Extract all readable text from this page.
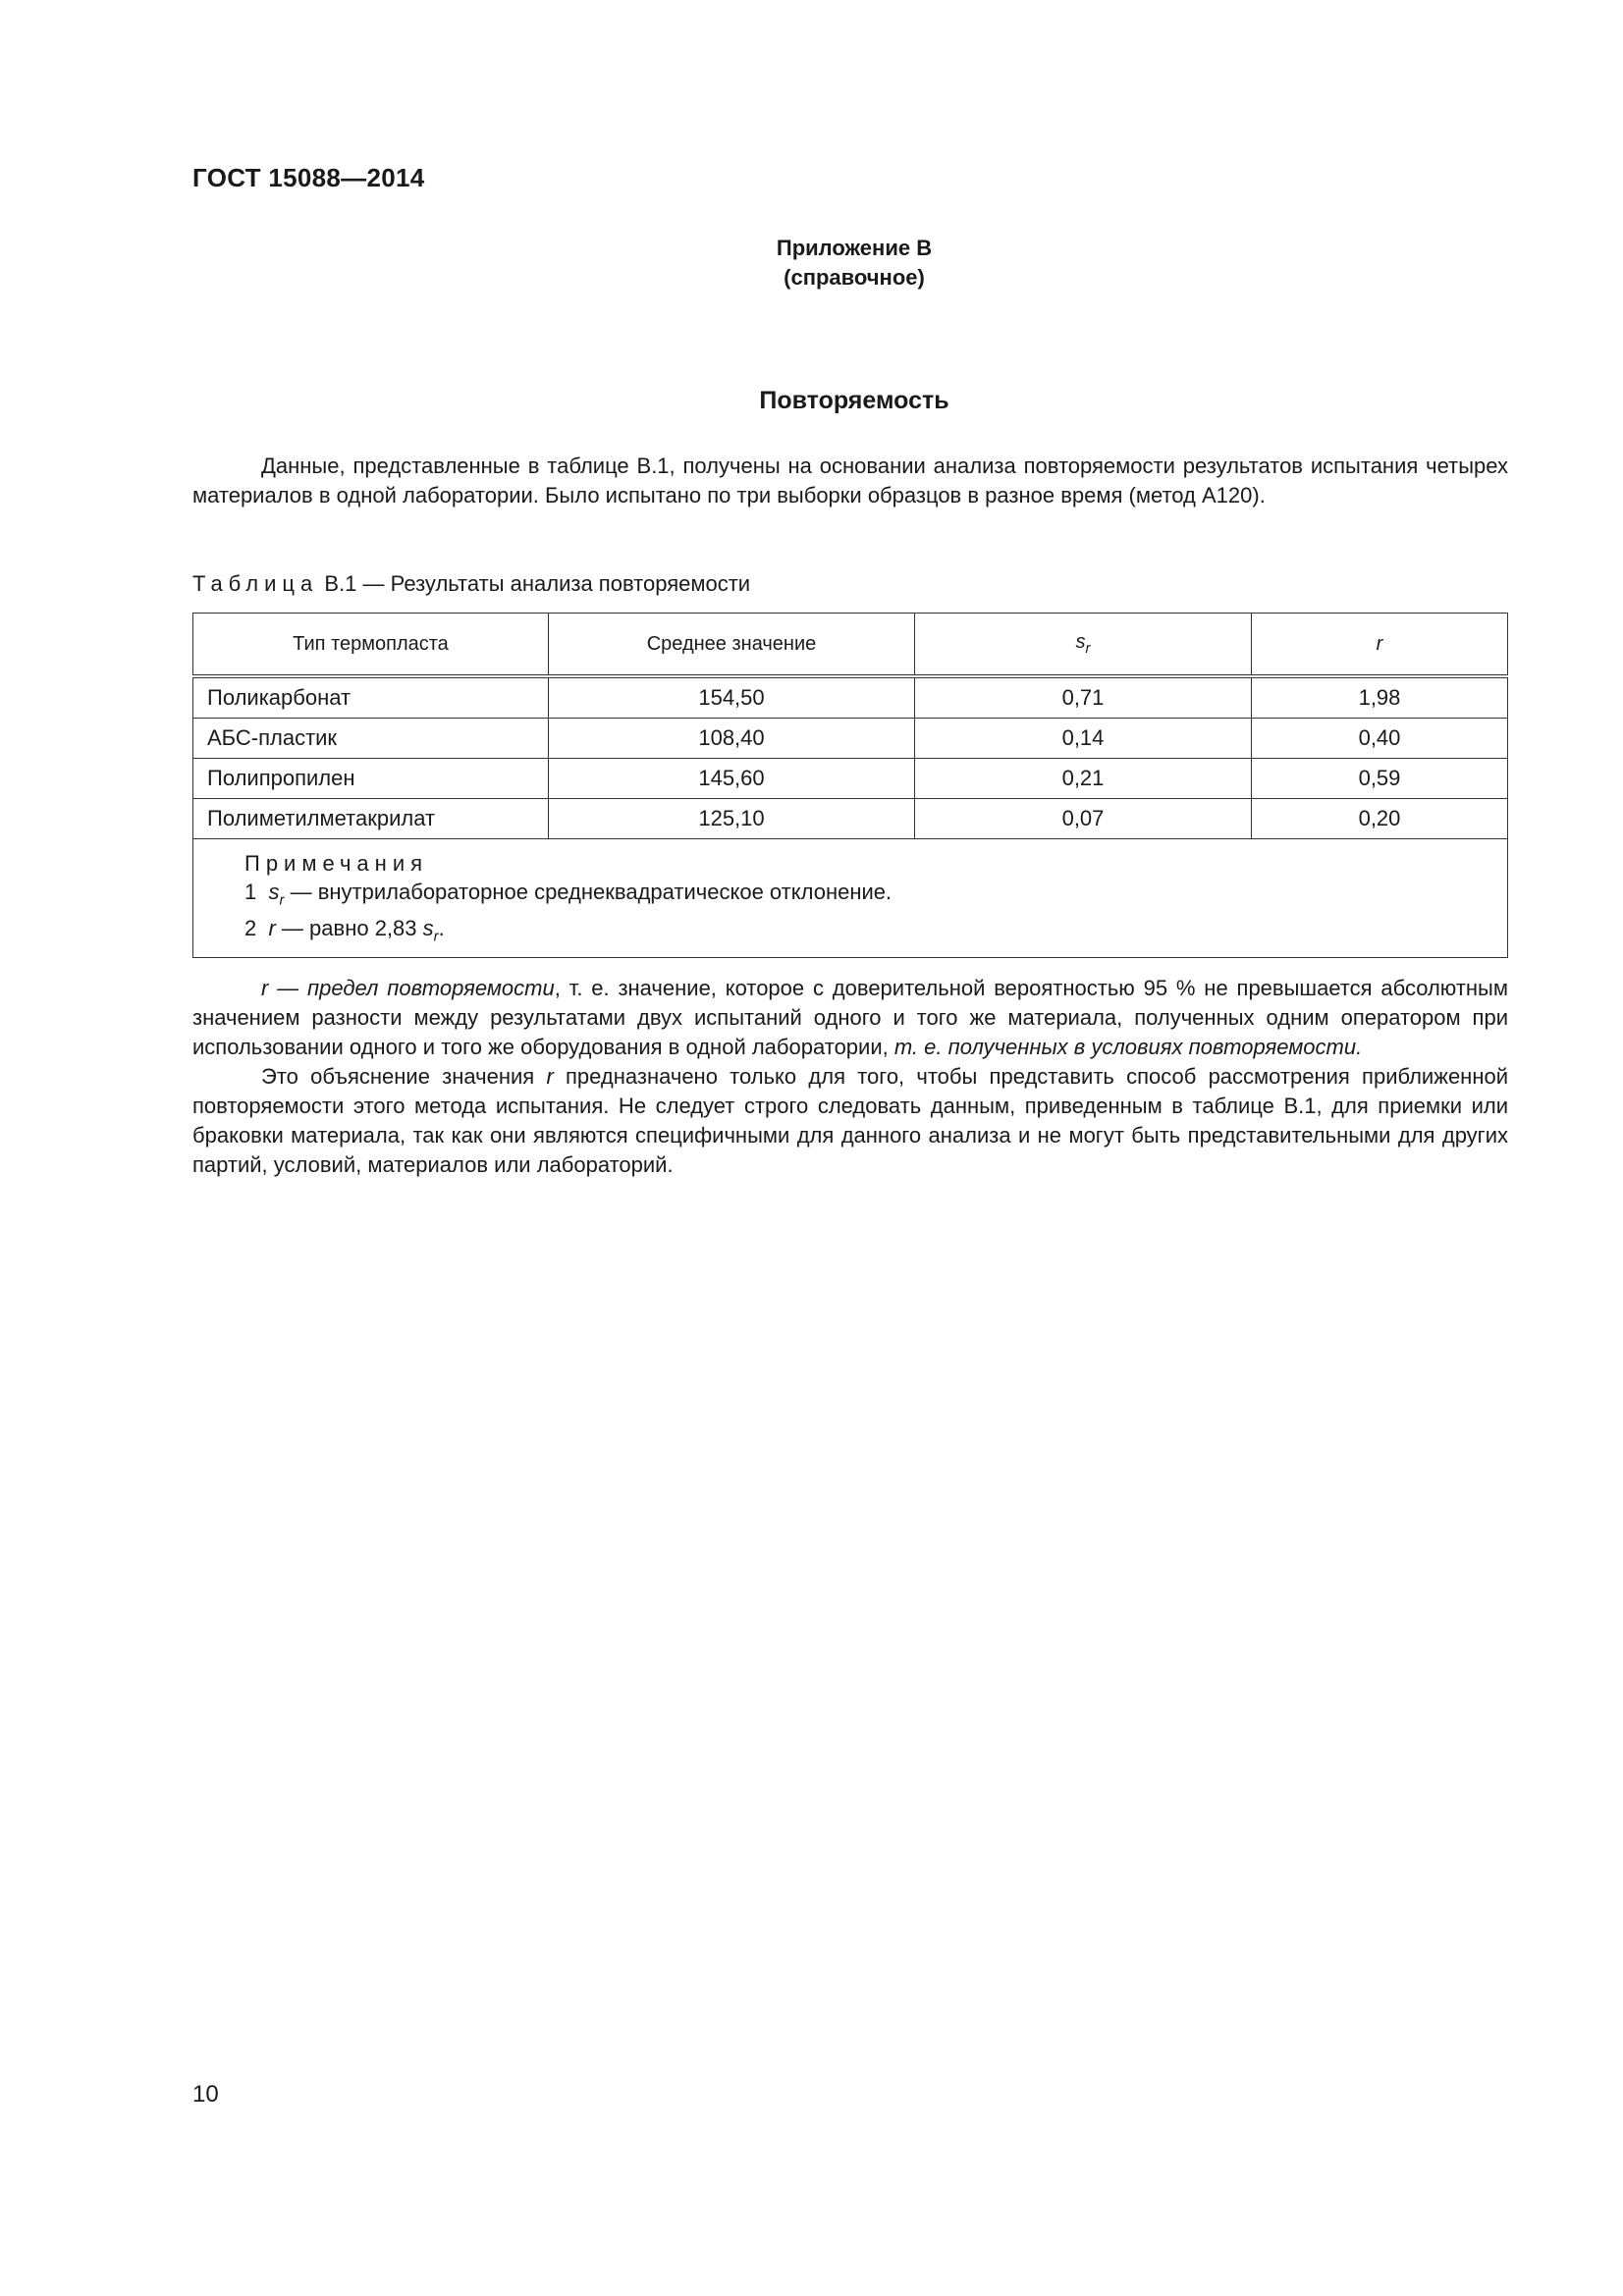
ГОСТ 15088—2014
Приложение В
(справочное)
Повторяемость

Данные, представленные в таблице В.1, получены на основании анализа повторяемости результатов испытания четырех материалов в одной лаборатории. Было испытано по три выборки образцов в разное время (метод А120).

Таблица В.1 — Результаты анализа повторяемости
Тип термопласта	Среднее значение	$s_r$	r
Поликарбонат	154,50	0,71	1,98
АБС-пластик	108,40	0,14	0,40
Полипропилен	145,60	0,21	0,59
Полиметилметакрилат	125,10	0,07	0,20

Примечания
1 $s_r$ — внутрилабораторное среднеквадратическое отклонение.
2 r — равно 2,83 $s_r$.			

r — предел повторяемости, т. е. значение, которое с доверительной вероятностью 95 % не превышается абсолютным значением разности между результатами двух испытаний одного и того же материала, полученных одним оператором при использовании одного и того же оборудования в одной лаборатории, т. е. полученных в условиях повторяемости.

Это объяснение значения r предназначено только для того, чтобы представить способ рассмотрения приближенной повторяемости этого метода испытания. Не следует строго следовать данным, приведенным в таблице В.1, для приемки или браковки материала, так как они являются специфичными для данного анализа и не могут быть представительными для других партий, условий, материалов или лабораторий.

10
